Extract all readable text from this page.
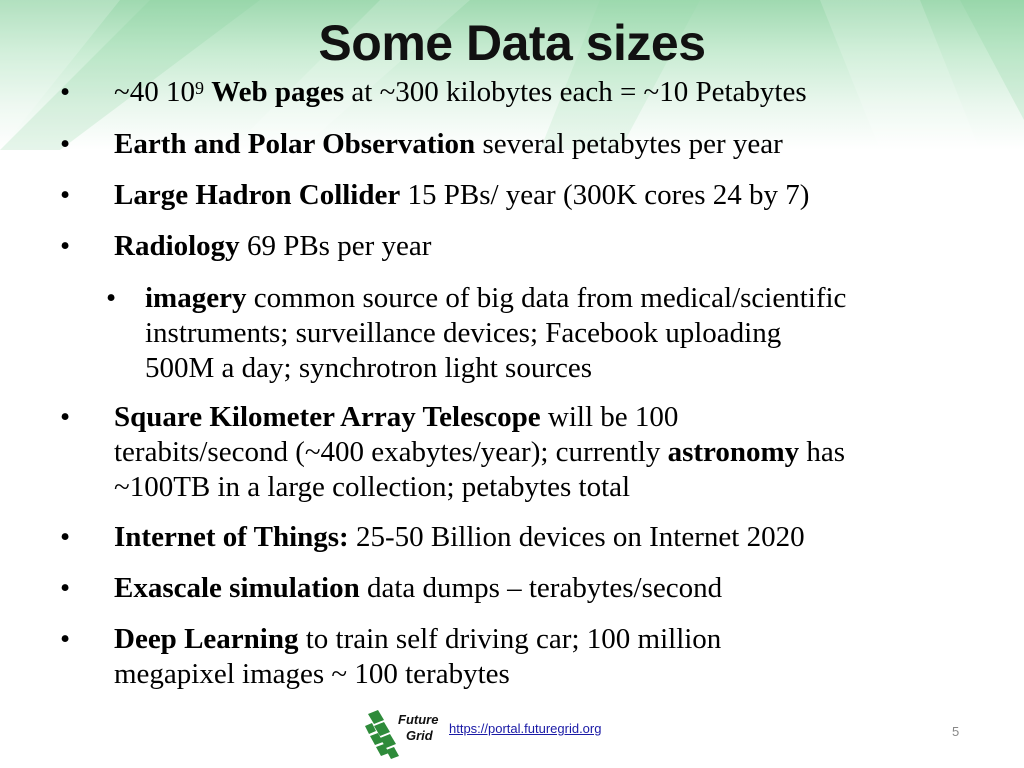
Some Data sizes
• ~40 $10^9$ Web pages at ~300 kilobytes each = ~10 Petabytes
• Earth and Polar Observation several petabytes per year
• Large Hadron Collider 15 PBs/ year (300K cores 24 by 7)
• Radiology 69 PBs per year
• imagery common source of big data from medical/scientific
instruments; surveillance devices; Facebook uploading
500M a day; synchrotron light sources
• Square Kilometer Array Telescope will be 100
terabits/second (~400 exabytes/year); currently astronomy has
~100TB in a large collection; petabytes total
• Internet of Things: 25-50 Billion devices on Internet 2020
• Exascale simulation data dumps – terabytes/second
• Deep Learning to train self driving car; 100 million
megapixel images ~ 100 terabytes
Future
Grid https://portal.futuregrid.org	5
